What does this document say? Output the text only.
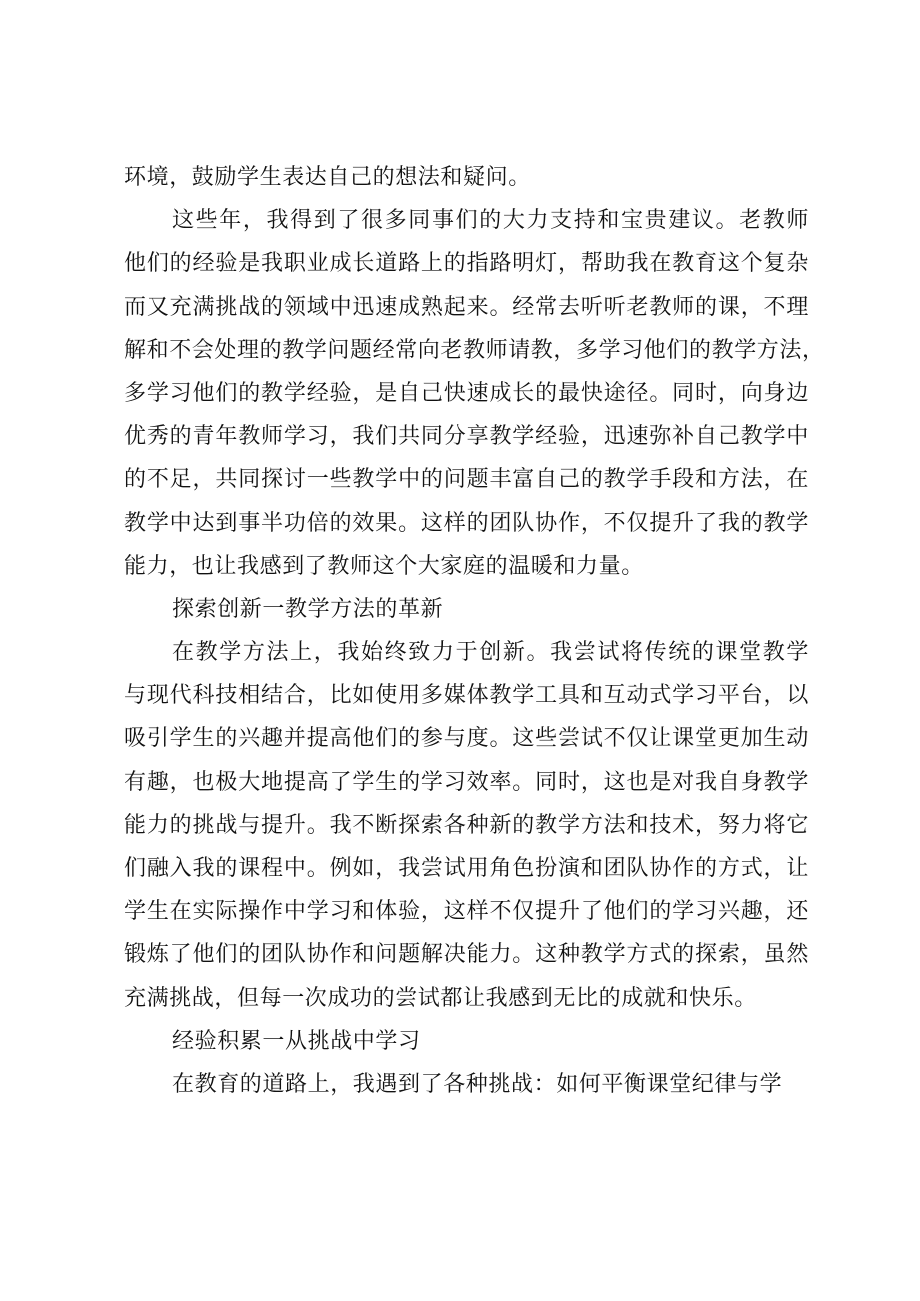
环境，鼓励学生表达自己的想法和疑问。
这些年，我得到了很多同事们的大力支持和宝贵建议。老教师
他们的经验是我职业成长道路上的指路明灯，帮助我在教育这个复杂
而又充满挑战的领域中迅速成熟起来。经常去听听老教师的课，不理
解和不会处理的教学问题经常向老教师请教，多学习他们的教学方法，
多学习他们的教学经验，是自己快速成长的最快途径。同时，向身边
优秀的青年教师学习，我们共同分享教学经验，迅速弥补自己教学中
的不足，共同探讨一些教学中的问题丰富自己的教学手段和方法，在
教学中达到事半功倍的效果。这样的团队协作，不仅提升了我的教学
能力，也让我感到了教师这个大家庭的温暖和力量。
探索创新一教学方法的革新
在教学方法上，我始终致力于创新。我尝试将传统的课堂教学
与现代科技相结合，比如使用多媒体教学工具和互动式学习平台，以
吸引学生的兴趣并提高他们的参与度。这些尝试不仅让课堂更加生动
有趣，也极大地提高了学生的学习效率。同时，这也是对我自身教学
能力的挑战与提升。我不断探索各种新的教学方法和技术，努力将它
们融入我的课程中。例如，我尝试用角色扮演和团队协作的方式，让
学生在实际操作中学习和体验，这样不仅提升了他们的学习兴趣，还
锻炼了他们的团队协作和问题解决能力。这种教学方式的探索，虽然
充满挑战，但每一次成功的尝试都让我感到无比的成就和快乐。
经验积累一从挑战中学习
在教育的道路上，我遇到了各种挑战：如何平衡课堂纪律与学
